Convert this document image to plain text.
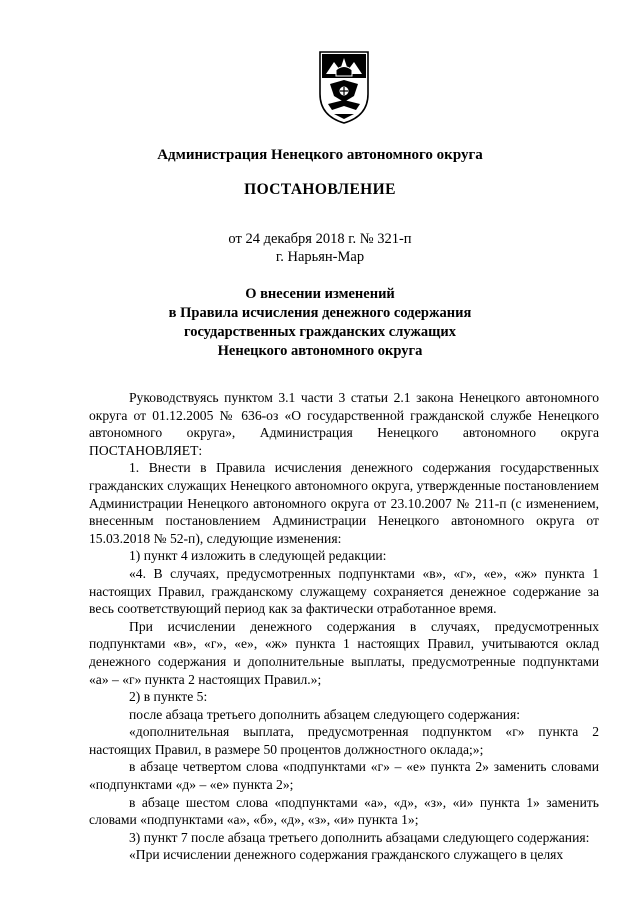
Администрация Ненецкого автономного округа
ПОСТАНОВЛЕНИЕ
от 24 декабря 2018 г. № 321-п
г. Нарьян-Мар
О внесении изменений
в Правила исчисления денежного содержания
государственных гражданских служащих
Ненецкого автономного округа

Руководствуясь пунктом 3.1 части 3 статьи 2.1 закона Ненецкого автономного округа от 01.12.2005 № 636-оз «О государственной гражданской службе Ненецкого автономного округа», Администрация Ненецкого автономного округа ПОСТАНОВЛЯЕТ:

1. Внести в Правила исчисления денежного содержания государственных гражданских служащих Ненецкого автономного округа, утвержденные постановлением Администрации Ненецкого автономного округа от 23.10.2007 № 211-п (с изменением, внесенным постановлением Администрации Ненецкого автономного округа от 15.03.2018 № 52-п), следующие изменения:

1) пункт 4 изложить в следующей редакции:

«4. В случаях, предусмотренных подпунктами «в», «г», «е», «ж» пункта 1 настоящих Правил, гражданскому служащему сохраняется денежное содержание за весь соответствующий период как за фактически отработанное время.

При исчислении денежного содержания в случаях, предусмотренных подпунктами «в», «г», «е», «ж» пункта 1 настоящих Правил, учитываются оклад денежного содержания и дополнительные выплаты, предусмотренные подпунктами «а» – «г» пункта 2 настоящих Правил.»;

2) в пункте 5:

после абзаца третьего дополнить абзацем следующего содержания:

«дополнительная выплата, предусмотренная подпунктом «г» пункта 2 настоящих Правил, в размере 50 процентов должностного оклада;»;

в абзаце четвертом слова «подпунктами «г» – «е» пункта 2» заменить словами «подпунктами «д» – «е» пункта 2»;

в абзаце шестом слова «подпунктами «а», «д», «з», «и» пункта 1» заменить словами «подпунктами «а», «б», «д», «з», «и» пункта 1»;

3) пункт 7 после абзаца третьего дополнить абзацами следующего содержания:

«При исчислении денежного содержания гражданского служащего в целях
